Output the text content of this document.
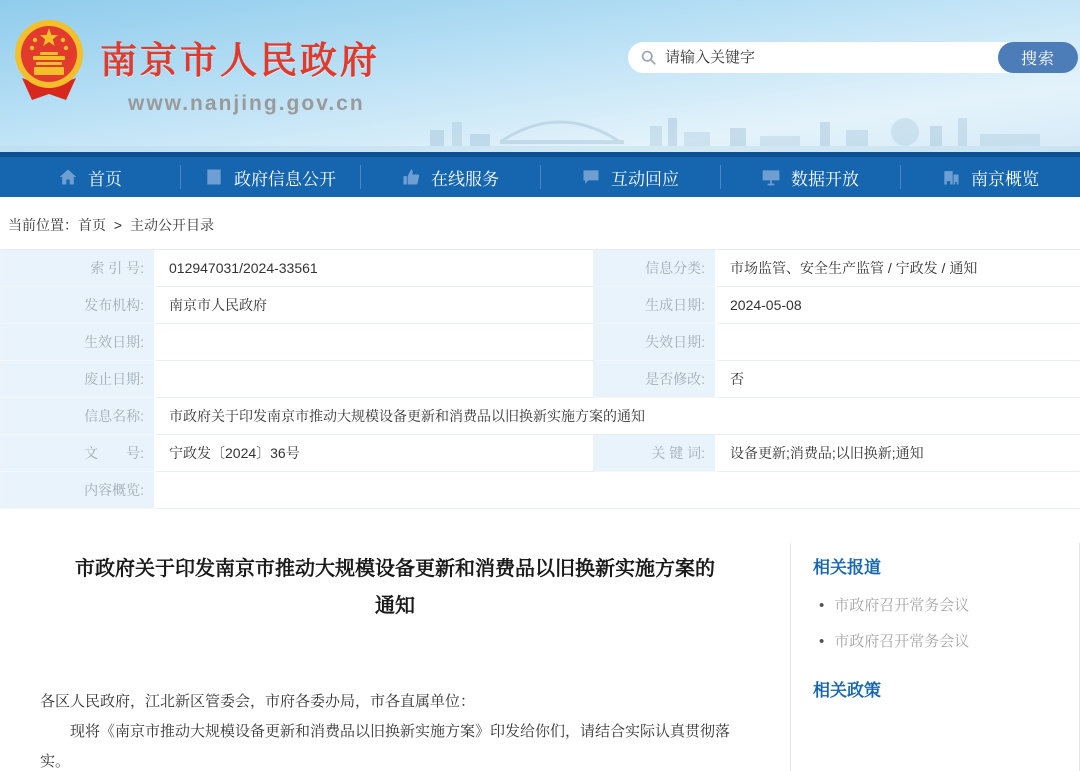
南京市人民政府
www.nanjing.gov.cn
请输入关键字
搜索
首页	政府信息公开	在线服务	互动回应	数据开放	南京概览
当前位置：首页 > 主动公开目录
索 引 号:	012947031/2024-33561	信息分类:	市场监管、安全生产监管 / 宁政发 / 通知
发布机构:	南京市人民政府	生成日期:	2024-05-08
生效日期:	失效日期:
废止日期:	是否修改:	否
信息名称:	市政府关于印发南京市推动大规模设备更新和消费品以旧换新实施方案的通知
文　　号:	宁政发〔2024〕36号	关 键 词:	设备更新;消费品;以旧换新;通知
内容概览:
市政府关于印发南京市推动大规模设备更新和消费品以旧换新实施方案的
通知

各区人民政府，江北新区管委会，市府各委办局，市各直属单位：

现将《南京市推动大规模设备更新和消费品以旧换新实施方案》印发给你们，请结合实际认真贯彻落实。

相关报道
• 市政府召开常务会议
• 市政府召开常务会议
相关政策
